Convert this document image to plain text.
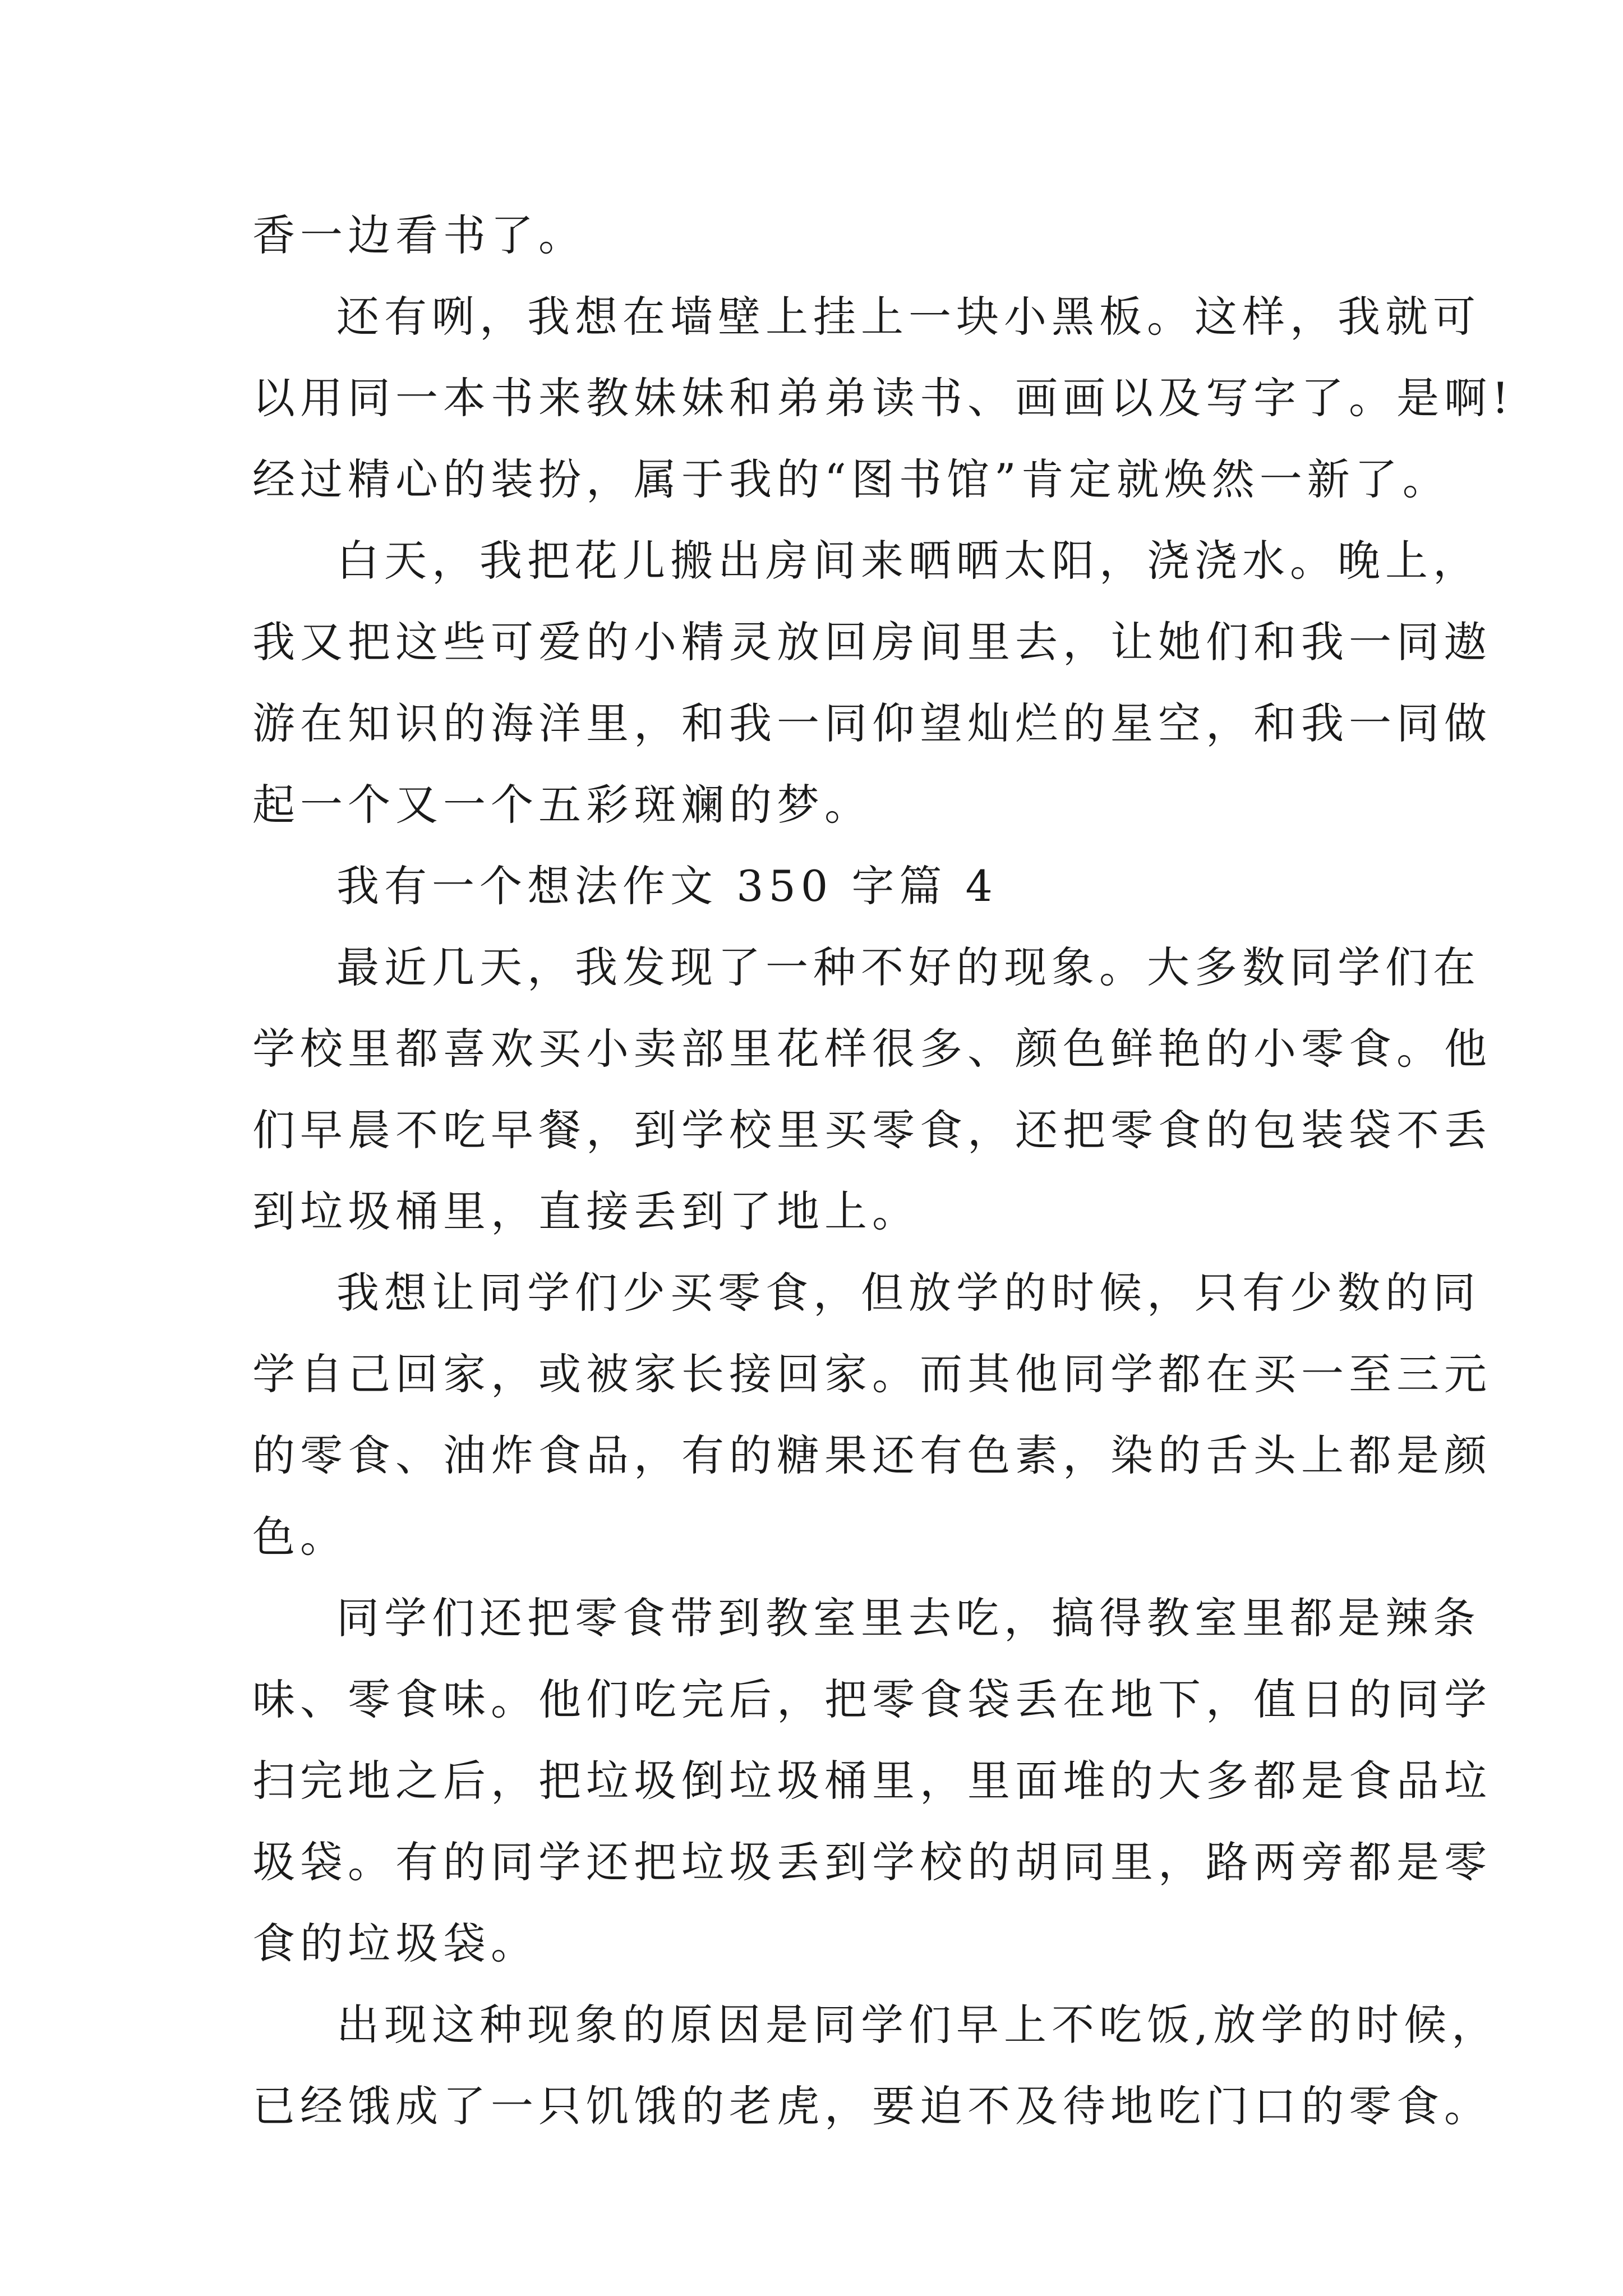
香一边看书了。
还有咧，我想在墙壁上挂上一块小黑板。这样，我就可
以用同一本书来教妹妹和弟弟读书、画画以及写字了。是啊!
经过精心的装扮，属于我的“图书馆”肯定就焕然一新了。
白天，我把花儿搬出房间来晒晒太阳，浇浇水。晚上，
我又把这些可爱的小精灵放回房间里去，让她们和我一同遨
游在知识的海洋里，和我一同仰望灿烂的星空，和我一同做
起一个又一个五彩斑斓的梦。
我有一个想法作文 350 字篇 4
最近几天，我发现了一种不好的现象。大多数同学们在
学校里都喜欢买小卖部里花样很多、颜色鲜艳的小零食。他
们早晨不吃早餐，到学校里买零食，还把零食的包装袋不丢
到垃圾桶里，直接丢到了地上。
我想让同学们少买零食，但放学的时候，只有少数的同
学自己回家，或被家长接回家。而其他同学都在买一至三元
的零食、油炸食品，有的糖果还有色素，染的舌头上都是颜
色。
同学们还把零食带到教室里去吃，搞得教室里都是辣条
味、零食味。他们吃完后，把零食袋丢在地下，值日的同学
扫完地之后，把垃圾倒垃圾桶里，里面堆的大多都是食品垃
圾袋。有的同学还把垃圾丢到学校的胡同里，路两旁都是零
食的垃圾袋。
出现这种现象的原因是同学们早上不吃饭,放学的时候，
已经饿成了一只饥饿的老虎，要迫不及待地吃门口的零食。
